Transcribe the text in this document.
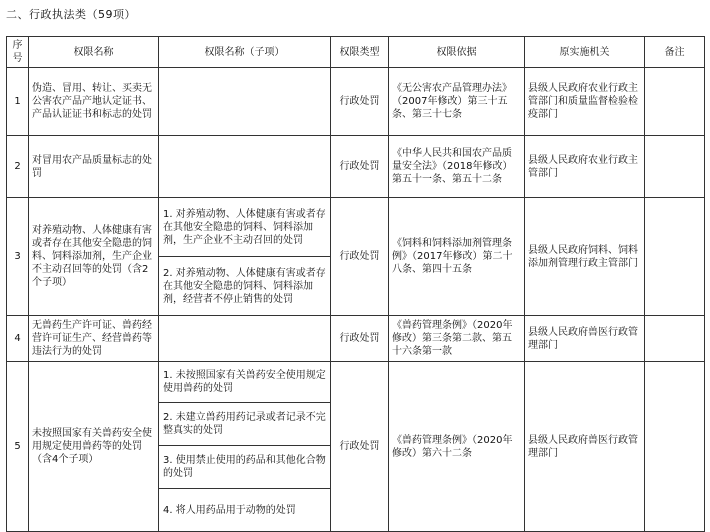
二、行政执法类（59项）
序号	权限名称	权限名称（子项）	权限类型	权限依据	原实施机关	备注
1	伪造、冒用、转让、买卖无公害农产品产地认定证书、产品认证证书和标志的处罚		行政处罚	《无公害农产品管理办法》（2007年修改）第三十五条、第三十七条	县级人民政府农业行政主管部门和质量监督检验检疫部门	
2	对冒用农产品质量标志的处罚		行政处罚	《中华人民共和国农产品质量安全法》（2018年修改）第五十一条、第五十二条	县级人民政府农业行政主管部门	
3	对养殖动物、人体健康有害或者存在其他安全隐患的饲料、饲料添加剂，生产企业不主动召回等的处罚（含2个子项）	1. 对养殖动物、人体健康有害或者存在其他安全隐患的饲料、饲料添加剂，生产企业不主动召回的处罚
2. 对养殖动物、人体健康有害或者存在其他安全隐患的饲料、饲料添加剂，经营者不停止销售的处罚	行政处罚	《饲料和饲料添加剂管理条例》（2017年修改）第二十八条、第四十五条	县级人民政府饲料、饲料添加剂管理行政主管部门	
4	无兽药生产许可证、兽药经营许可证生产、经营兽药等违法行为的处罚		行政处罚	《兽药管理条例》（2020年修改）第三条第二款、第五十六条第一款	县级人民政府兽医行政管理部门	
5	未按照国家有关兽药安全使用规定使用兽药等的处罚（含4个子项）	1. 未按照国家有关兽药安全使用规定使用兽药的处罚
2. 未建立兽药用药记录或者记录不完整真实的处罚
3. 使用禁止使用的药品和其他化合物的处罚
4. 将人用药品用于动物的处罚	行政处罚	《兽药管理条例》（2020年修改）第六十二条	县级人民政府兽医行政管理部门	
